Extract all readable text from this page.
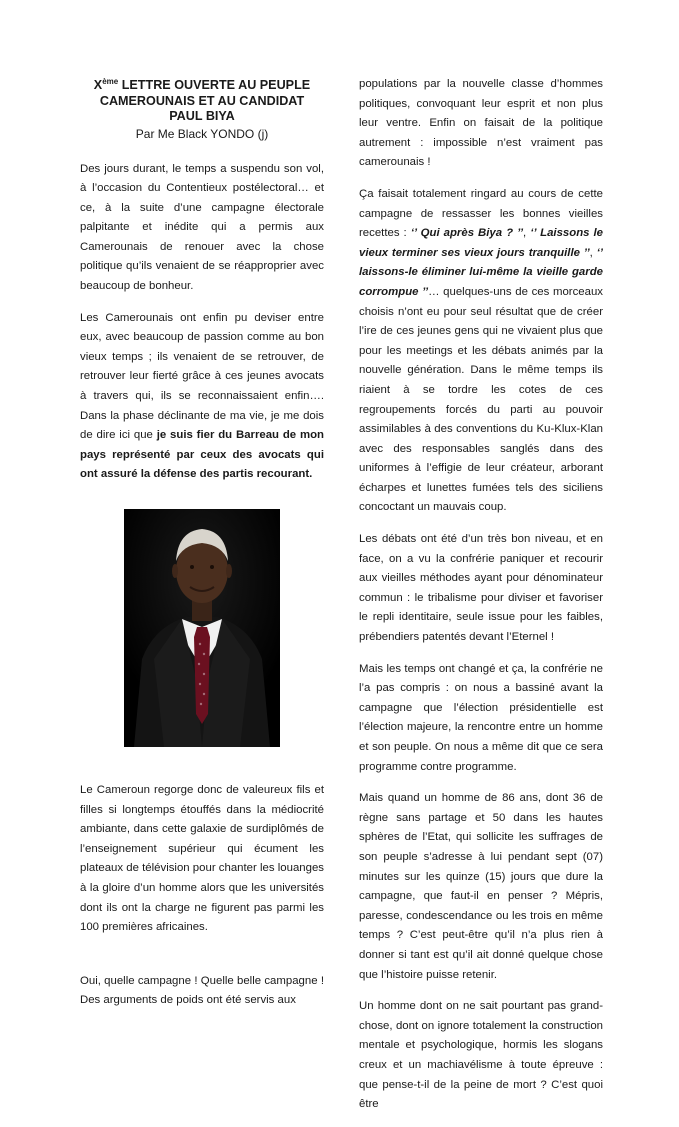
Xème LETTRE OUVERTE AU PEUPLE
CAMEROUNAIS ET AU CANDIDAT
PAUL BIYA
Par Me Black YONDO (j)

Des jours durant, le temps a suspendu son vol, à l’occasion du Contentieux postélectoral… et ce, à la suite d’une campagne électorale palpitante et inédite qui a permis aux Camerounais de renouer avec la chose politique qu’ils venaient de se réapproprier avec beaucoup de bonheur.

Les Camerounais ont enfin pu deviser entre eux, avec beaucoup de passion comme au bon vieux temps ; ils venaient de se retrouver, de retrouver leur fierté grâce à ces jeunes avocats à travers qui, ils se reconnaissaient enfin…. Dans la phase déclinante de ma vie, je me dois de dire ici que je suis fier du Barreau de mon pays représenté par ceux des avocats qui ont assuré la défense des partis recourant.

Le Cameroun regorge donc de valeureux fils et filles si longtemps étouffés dans la médiocrité ambiante, dans cette galaxie de surdiplômés de l’enseignement supérieur qui écument les plateaux de télévision pour chanter les louanges à la gloire d’un homme alors que les universités dont ils ont la charge ne figurent pas parmi les 100 premières africaines.

Oui, quelle campagne ! Quelle belle campagne ! Des arguments de poids ont été servis aux

populations par la nouvelle classe d’hommes politiques, convoquant leur esprit et non plus leur ventre. Enfin on faisait de la politique autrement : impossible n’est vraiment pas camerounais !

Ça faisait totalement ringard au cours de cette campagne de ressasser les bonnes vieilles recettes : ‘’ Qui après Biya ? ’’, ‘’ Laissons le vieux terminer ses vieux jours tranquille ’’, ‘’ laissons-le éliminer lui-même la vieille garde corrompue ’’… quelques-uns de ces morceaux choisis n’ont eu pour seul résultat que de créer l’ire de ces jeunes gens qui ne vivaient plus que pour les meetings et les débats animés par la nouvelle génération. Dans le même temps ils riaient à se tordre les cotes de ces regroupements forcés du parti au pouvoir assimilables à des conventions du Ku-Klux-Klan avec des responsables sanglés dans des uniformes à l’effigie de leur créateur, arborant écharpes et lunettes fumées tels des siciliens concoctant un mauvais coup.

Les débats ont été d’un très bon niveau, et en face, on a vu la confrérie paniquer et recourir aux vieilles méthodes ayant pour dénominateur commun : le tribalisme pour diviser et favoriser le repli identitaire, seule issue pour les faibles, prébendiers patentés devant l’Eternel !

Mais les temps ont changé et ça, la confrérie ne l’a pas compris : on nous a bassiné avant la campagne que l’élection présidentielle est l’élection majeure, la rencontre entre un homme et son peuple. On nous a même dit que ce sera programme contre programme.

Mais quand un homme de 86 ans, dont 36 de règne sans partage et 50 dans les hautes sphères de l’Etat, qui sollicite les suffrages de son peuple s’adresse à lui pendant sept (07) minutes sur les quinze (15) jours que dure la campagne, que faut-il en penser ? Mépris, paresse, condescendance ou les trois en même temps ? C’est peut-être qu’il n’a plus rien à donner si tant est qu’il ait donné quelque chose que l’histoire puisse retenir.

Un homme dont on ne sait pourtant pas grand-chose, dont on ignore totalement la construction mentale et psychologique, hormis les slogans creux et un machiavélisme à toute épreuve : que pense-t-il de la peine de mort ? C’est quoi être
